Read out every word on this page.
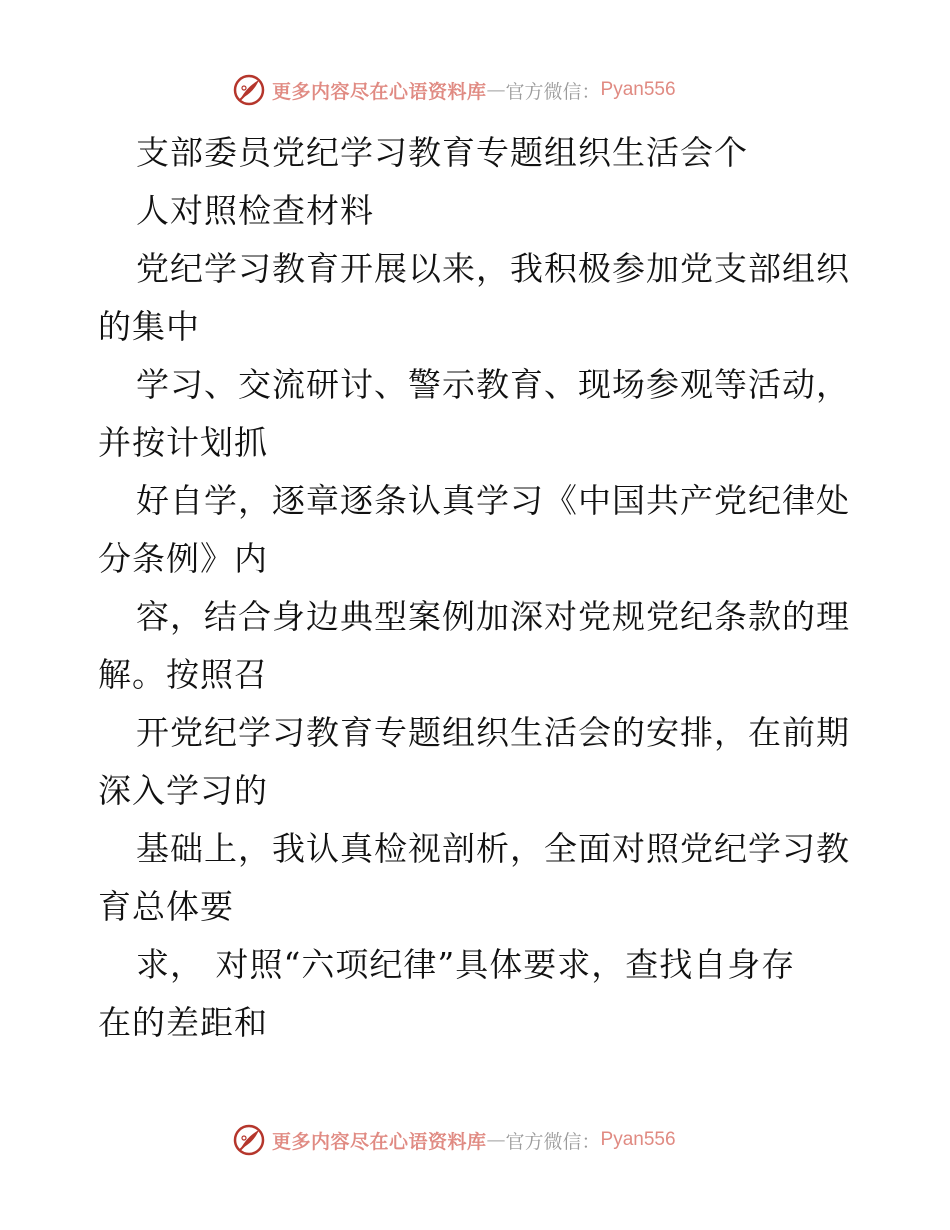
更多内容尽在心语资料库 — 官方微信： Pyan556
支部委员党纪学习教育专题组织生活会个
人对照检查材料
党纪学习教育开展以来，我积极参加党支部组织
的集中
学习、交流研讨、警示教育、现场参观等活动，
并按计划抓
好自学，逐章逐条认真学习《中国共产党纪律处
分条例》内
容，结合身边典型案例加深对党规党纪条款的理
解。按照召
开党纪学习教育专题组织生活会的安排，在前期
深入学习的
基础上，我认真检视剖析，全面对照党纪学习教
育总体要
求， 对照“六项纪律”具体要求，查找自身存
在的差距和
更多内容尽在心语资料库 — 官方微信： Pyan556
